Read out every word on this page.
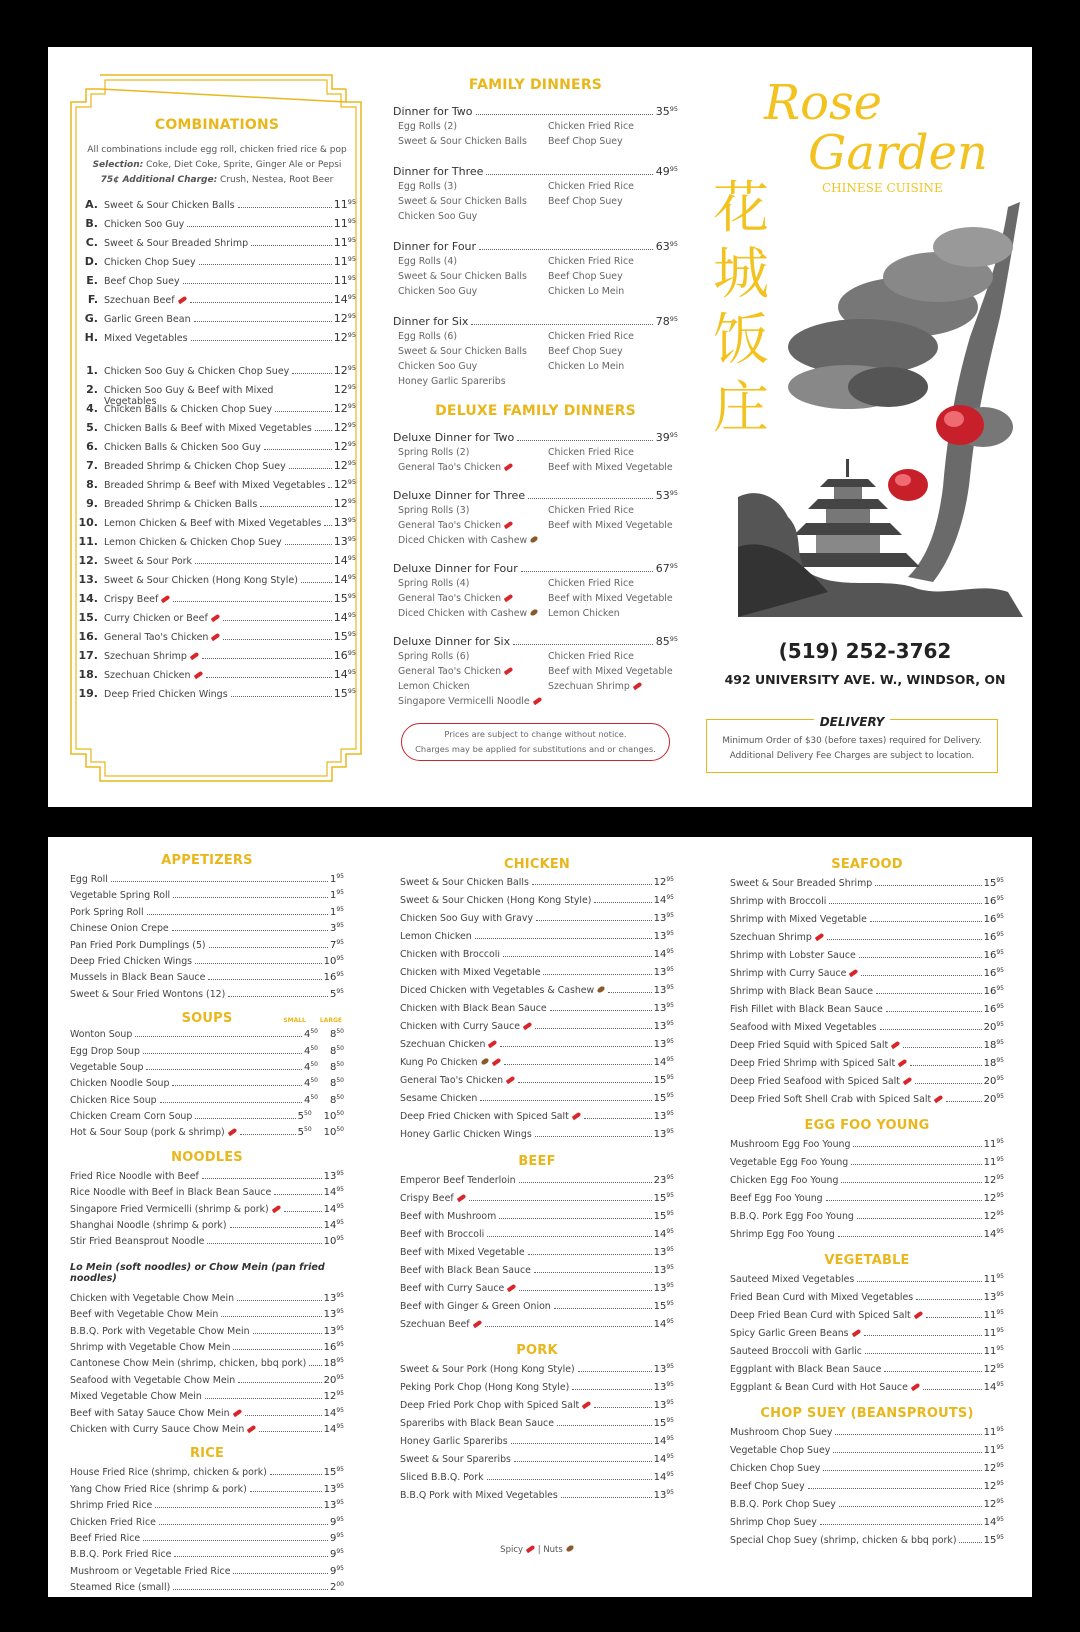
COMBINATIONS
All combinations include egg roll, chicken fried rice & pop
Selection: Coke, Diet Coke, Sprite, Ginger Ale or Pepsi
75¢ Additional Charge: Crush, Nestea, Root Beer
A. Sweet & Sour Chicken Balls	$11^{95}$
B. Chicken Soo Guy	$11^{95}$
C. Sweet & Sour Breaded Shrimp	$11^{95}$
D. Chicken Chop Suey	$11^{95}$
E. Beef Chop Suey	$11^{95}$
F. Szechuan Beef	$14^{95}$
G. Garlic Green Bean	$12^{95}$
H. Mixed Vegetables	$12^{95}$
1. Chicken Soo Guy & Chicken Chop Suey	$12^{95}$
2. Chicken Soo Guy & Beef with Mixed Vegetables
$12^{95}$
4. Chicken Balls & Chicken Chop Suey	$12^{95}$
5. Chicken Balls & Beef with Mixed Vegetables $12^{95}$
6. Chicken Balls & Chicken Soo Guy	$12^{95}$
7. Breaded Shrimp & Chicken Chop Suey	$12^{95}$
8. Breaded Shrimp & Beef with Mixed Vegetables $12^{95}$
9. Breaded Shrimp & Chicken Balls	$12^{95}$
10. Lemon Chicken & Beef with Mixed Vegetables $13^{95}$
11. Lemon Chicken & Chicken Chop Suey	$13^{95}$
12. Sweet & Sour Pork	$14^{95}$
13. Sweet & Sour Chicken (Hong Kong Style)	$14^{95}$
14. Crispy Beef	$15^{95}$
15. Curry Chicken or Beef	$14^{95}$
16. General Tao's Chicken	$15^{95}$
17. Szechuan Shrimp	$16^{95}$
18. Szechuan Chicken	$14^{95}$
19. Deep Fried Chicken Wings	$15^{95}$
FAMILY DINNERS
Dinner for Two	$35^{95}$
Egg Rolls (2)	Chicken Fried Rice
Sweet & Sour Chicken Balls	Beef Chop Suey
Dinner for Three	$49^{95}$
Egg Rolls (3)	Chicken Fried Rice
Sweet & Sour Chicken Balls	Beef Chop Suey
Chicken Soo Guy
Dinner for Four	$63^{95}$
Egg Rolls (4)	Chicken Fried Rice
Sweet & Sour Chicken Balls	Beef Chop Suey
Chicken Soo Guy	Chicken Lo Mein
Dinner for Six	$78^{95}$
Egg Rolls (6)	Chicken Fried Rice
Sweet & Sour Chicken Balls	Beef Chop Suey
Chicken Soo Guy	Chicken Lo Mein
Honey Garlic Spareribs
DELUXE FAMILY DINNERS
Deluxe Dinner for Two	$39^{95}$
Spring Rolls (2)	Chicken Fried Rice
General Tao's Chicken	Beef with Mixed Vegetable
Deluxe Dinner for Three	$53^{95}$
Spring Rolls (3)	Chicken Fried Rice
General Tao's Chicken	Beef with Mixed Vegetable
Diced Chicken with Cashew
Deluxe Dinner for Four	$67^{95}$
Spring Rolls (4)	Chicken Fried Rice
General Tao's Chicken	Beef with Mixed Vegetable
Diced Chicken with Cashew	Lemon Chicken
Deluxe Dinner for Six	$85^{95}$
Spring Rolls (6)	Chicken Fried Rice
General Tao's Chicken	Beef with Mixed Vegetable
Lemon Chicken	Szechuan Shrimp
Singapore Vermicelli Noodle
Prices are subject to change without notice.
Charges may be applied for substitutions and or changes.
Rose
Garden
CHINESE CUISINE
花
城
饭
庄
(519) 252-3762
492 UNIVERSITY AVE. W., WINDSOR, ON
DELIVERY
Minimum Order of $30 (before taxes) required for Delivery.
Additional Delivery Fee Charges are subject to location.
APPETIZERS
Egg Roll	$1^{95}$
Vegetable Spring Roll	$1^{95}$
Pork Spring Roll	$1^{95}$
Chinese Onion Crepe	$3^{95}$
Pan Fried Pork Dumplings (5)	$7^{95}$
Deep Fried Chicken Wings	$10^{95}$
Mussels in Black Bean Sauce	$16^{95}$
Sweet & Sour Fried Wontons (12)	$5^{95}$
SOUPS	SMALL LARGE
Wonton Soup	$4^{50}$	$8^{50}$
Egg Drop Soup	$4^{50}$	$8^{50}$
Vegetable Soup	$4^{50}$	$8^{50}$
Chicken Noodle Soup	$4^{50}$	$8^{50}$
Chicken Rice Soup	$4^{50}$	$8^{50}$
Chicken Cream Corn Soup	$5^{50}$	$10^{50}$
Hot & Sour Soup (pork & shrimp)	$5^{50}$	$10^{50}$
NOODLES
Fried Rice Noodle with Beef	$13^{95}$
Rice Noodle with Beef in Black Bean Sauce	$14^{95}$
Singapore Fried Vermicelli (shrimp & pork)	$14^{95}$
Shanghai Noodle (shrimp & pork)	$14^{95}$
Stir Fried Beansprout Noodle	$10^{95}$
Lo Mein (soft noodles) or Chow Mein (pan fried noodles)
Chicken with Vegetable Chow Mein	$13^{95}$
Beef with Vegetable Chow Mein	$13^{95}$
B.B.Q. Pork with Vegetable Chow Mein	$13^{95}$
Shrimp with Vegetable Chow Mein	$16^{95}$
Cantonese Chow Mein (shrimp, chicken, bbq pork) $18^{95}$
Seafood with Vegetable Chow Mein	$20^{95}$
Mixed Vegetable Chow Mein	$12^{95}$
Beef with Satay Sauce Chow Mein	$14^{95}$
Chicken with Curry Sauce Chow Mein	$14^{95}$
RICE
House Fried Rice (shrimp, chicken & pork)	$15^{95}$
Yang Chow Fried Rice (shrimp & pork)	$13^{95}$
Shrimp Fried Rice	$13^{95}$
Chicken Fried Rice	$9^{95}$
Beef Fried Rice	$9^{95}$
B.B.Q. Pork Fried Rice	$9^{95}$
Mushroom or Vegetable Fried Rice	$9^{95}$
Steamed Rice (small)	$2^{00}$
CHICKEN
Sweet & Sour Chicken Balls	$12^{95}$
Sweet & Sour Chicken (Hong Kong Style)	$14^{95}$
Chicken Soo Guy with Gravy	$13^{95}$
Lemon Chicken	$13^{95}$
Chicken with Broccoli	$14^{95}$
Chicken with Mixed Vegetable	$13^{95}$
Diced Chicken with Vegetables & Cashew	$13^{95}$
Chicken with Black Bean Sauce	$13^{95}$
Chicken with Curry Sauce	$13^{95}$
Szechuan Chicken	$13^{95}$
Kung Po Chicken	$14^{95}$
General Tao's Chicken	$15^{95}$
Sesame Chicken	$15^{95}$
Deep Fried Chicken with Spiced Salt	$13^{95}$
Honey Garlic Chicken Wings	$13^{95}$
BEEF
Emperor Beef Tenderloin	$23^{95}$
Crispy Beef	$15^{95}$
Beef with Mushroom	$15^{95}$
Beef with Broccoli	$14^{95}$
Beef with Mixed Vegetable	$13^{95}$
Beef with Black Bean Sauce	$13^{95}$
Beef with Curry Sauce	$13^{95}$
Beef with Ginger & Green Onion	$15^{95}$
Szechuan Beef	$14^{95}$
PORK
Sweet & Sour Pork (Hong Kong Style)	$13^{95}$
Peking Pork Chop (Hong Kong Style)	$13^{95}$
Deep Fried Pork Chop with Spiced Salt	$13^{95}$
Spareribs with Black Bean Sauce	$15^{95}$
Honey Garlic Spareribs	$14^{95}$
Sweet & Sour Spareribs	$14^{95}$
Sliced B.B.Q. Pork	$14^{95}$
B.B.Q Pork with Mixed Vegetables	$13^{95}$
Spicy | Nuts
SEAFOOD
Sweet & Sour Breaded Shrimp	$15^{95}$
Shrimp with Broccoli	$16^{95}$
Shrimp with Mixed Vegetable	$16^{95}$
Szechuan Shrimp	$16^{95}$
Shrimp with Lobster Sauce	$16^{95}$
Shrimp with Curry Sauce	$16^{95}$
Shrimp with Black Bean Sauce	$16^{95}$
Fish Fillet with Black Bean Sauce	$16^{95}$
Seafood with Mixed Vegetables	$20^{95}$
Deep Fried Squid with Spiced Salt	$18^{95}$
Deep Fried Shrimp with Spiced Salt	$18^{95}$
Deep Fried Seafood with Spiced Salt	$20^{95}$
Deep Fried Soft Shell Crab with Spiced Salt	$20^{95}$
EGG FOO YOUNG
Mushroom Egg Foo Young	$11^{95}$
Vegetable Egg Foo Young	$11^{95}$
Chicken Egg Foo Young	$12^{95}$
Beef Egg Foo Young	$12^{95}$
B.B.Q. Pork Egg Foo Young	$12^{95}$
Shrimp Egg Foo Young	$14^{95}$
VEGETABLE
Sauteed Mixed Vegetables	$11^{95}$
Fried Bean Curd with Mixed Vegetables	$13^{95}$
Deep Fried Bean Curd with Spiced Salt	$11^{95}$
Spicy Garlic Green Beans	$11^{95}$
Sauteed Broccoli with Garlic	$11^{95}$
Eggplant with Black Bean Sauce	$12^{95}$
Eggplant & Bean Curd with Hot Sauce	$14^{95}$
CHOP SUEY (BEANSPROUTS)
Mushroom Chop Suey	$11^{95}$
Vegetable Chop Suey	$11^{95}$
Chicken Chop Suey	$12^{95}$
Beef Chop Suey	$12^{95}$
B.B.Q. Pork Chop Suey	$12^{95}$
Shrimp Chop Suey	$14^{95}$
Special Chop Suey (shrimp, chicken & bbq pork)	$15^{95}$
